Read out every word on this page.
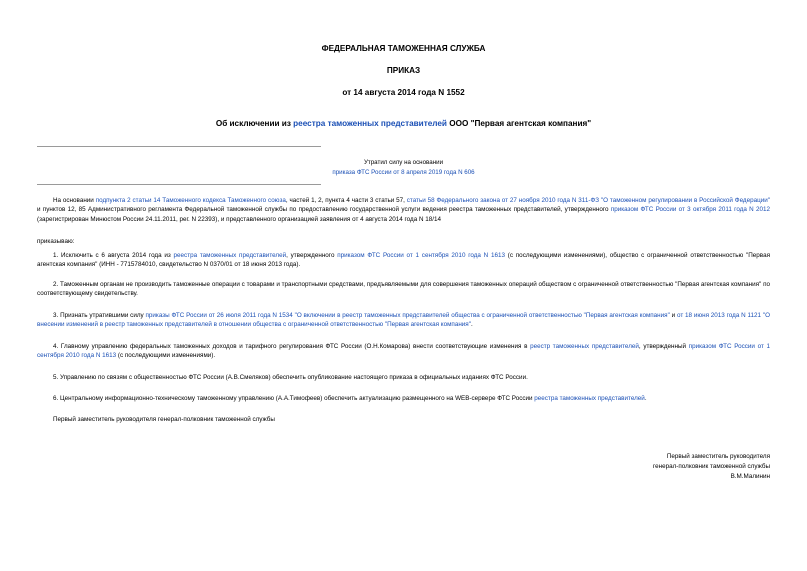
ФЕДЕРАЛЬНАЯ ТАМОЖЕННАЯ СЛУЖБА
ПРИКАЗ
от 14 августа 2014 года N 1552
Об исключении из реестра таможенных представителей ООО "Первая агентская компания"
Утратил силу на основании
приказа ФТС России от 8 апреля 2019 года N 606
На основании подпункта 2 статьи 14 Таможенного кодекса Таможенного союза, частей 1, 2, пункта 4 части 3 статьи 57, статьи 58 Федерального закона от 27 ноября 2010 года N 311-ФЗ "О таможенном регулировании в Российской Федерации" и пунктов 12, 85 Административного регламента Федеральной таможенной службы по предоставлению государственной услуги ведения реестра таможенных представителей, утвержденного приказом ФТС России от 3 октября 2011 года N 2012 (зарегистрирован Минюстом России 24.11.2011, рег. N 22393), и представленного организацией заявления от 4 августа 2014 года N 18/14
приказываю:
1. Исключить с 6 августа 2014 года из реестра таможенных представителей, утвержденного приказом ФТС России от 1 сентября 2010 года N 1613 (с последующими изменениями), общество с ограниченной ответственностью "Первая агентская компания" (ИНН - 7715784010, свидетельство N 0370/01 от 18 июня 2013 года).
2. Таможенным органам не производить таможенные операции с товарами и транспортными средствами, предъявляемыми для совершения таможенных операций обществом с ограниченной ответственностью "Первая агентская компания" по соответствующему свидетельству.
3. Признать утратившими силу приказы ФТС России от 26 июля 2011 года N 1534 "О включении в реестр таможенных представителей общества с ограниченной ответственностью "Первая агентская компания" и от 18 июня 2013 года N 1121 "О внесении изменений в реестр таможенных представителей в отношении общества с ограниченной ответственностью "Первая агентская компания".
4. Главному управлению федеральных таможенных доходов и тарифного регулирования ФТС России (О.Н.Комарова) внести соответствующие изменения в реестр таможенных представителей, утвержденный приказом ФТС России от 1 сентября 2010 года N 1613 (с последующими изменениями).
5. Управлению по связям с общественностью ФТС России (А.В.Смеляков) обеспечить опубликование настоящего приказа в официальных изданиях ФТС России.
6. Центральному информационно-техническому таможенному управлению (А.А.Тимофеев) обеспечить актуализацию размещенного на WEB-сервере ФТС России реестра таможенных представителей.
Первый заместитель руководителя генерал-полковник таможенной службы
Первый заместитель руководителя
генерал-полковник таможенной службы
В.М.Малинин
